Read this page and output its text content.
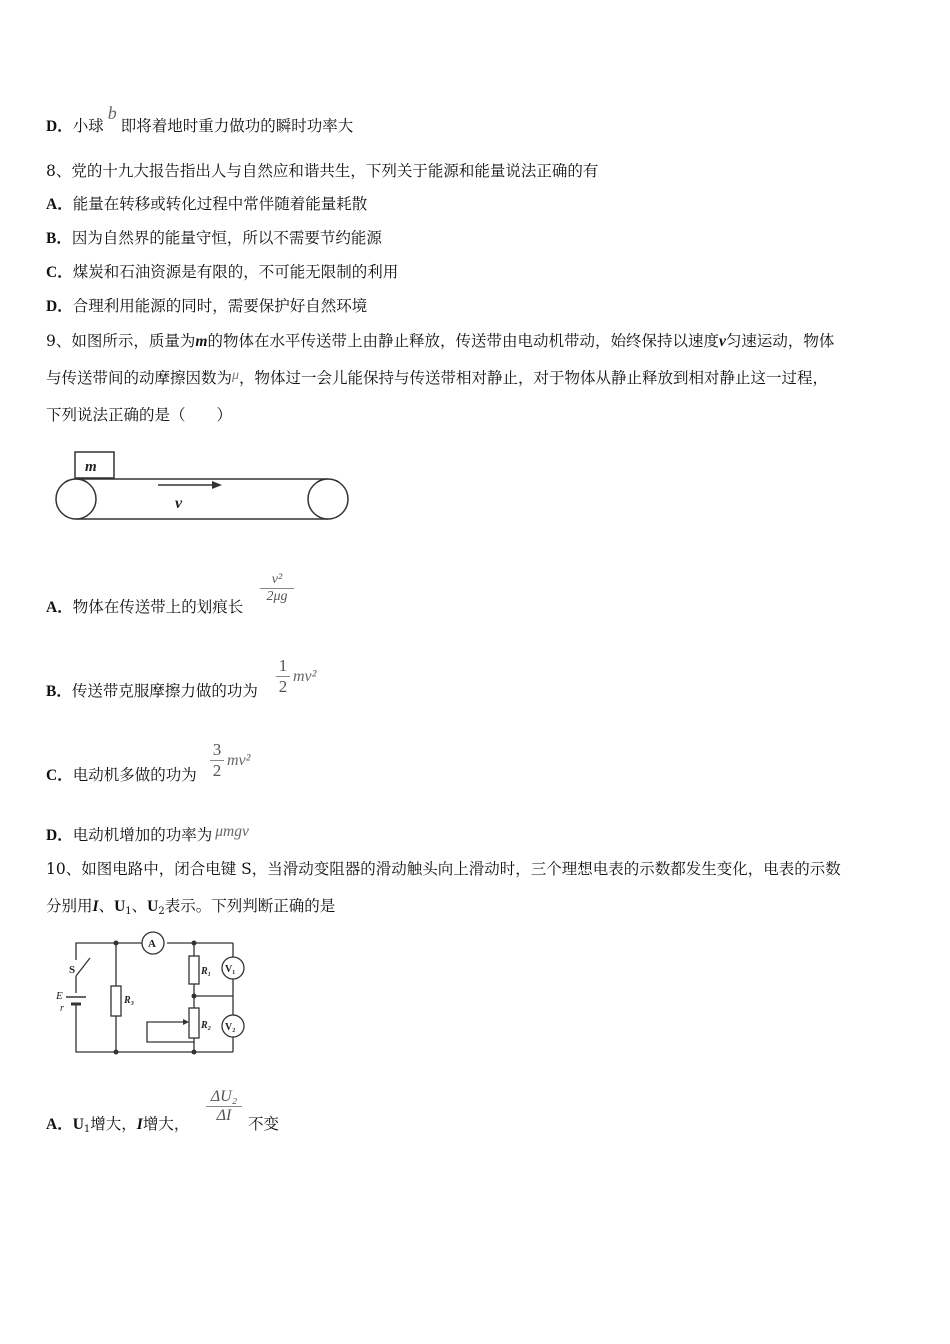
D．小球b即将着地时重力做功的瞬时功率大
8、党的十九大报告指出人与自然应和谐共生，下列关于能源和能量说法正确的有
A．能量在转移或转化过程中常伴随着能量耗散
B．因为自然界的能量守恒，所以不需要节约能源
C．煤炭和石油资源是有限的，不可能无限制的利用
D．合理利用能源的同时，需要保护好自然环境
9、如图所示，质量为m的物体在水平传送带上由静止释放，传送带由电动机带动，始终保持以速度v匀速运动，物体
与传送带间的动摩擦因数为μ，物体过一会儿能保持与传送带相对静止，对于物体从静止释放到相对静止这一过程，
下列说法正确的是（　　）
m
v
A．物体在传送带上的划痕长
v²
2μg
B．传送带克服摩擦力做的功为
1
2
mv²
C．电动机多做的功为
3
2
mv²
D．电动机增加的功率为 μmgv
10、如图电路中，闭合电键 S，当滑动变阻器的滑动触头向上滑动时，三个理想电表的示数都发生变化，电表的示数
分别用I、$U_1$、$U_2$表示。下列判断正确的是
S
E
r
R₃
A
R₁
R₂
V₁
V₂
A．$U_1$增大，I增大，
ΔU₂
ΔI	不变
